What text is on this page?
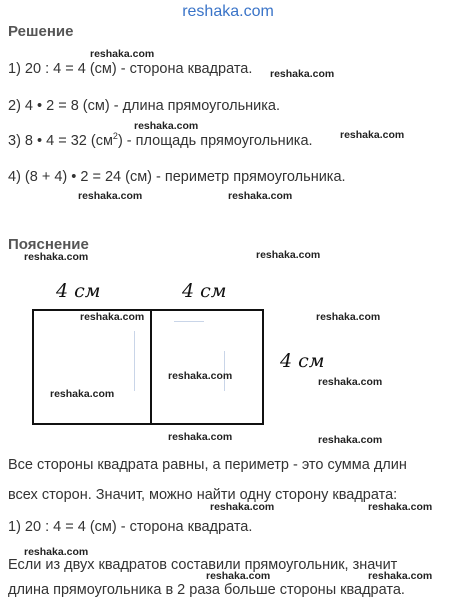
reshaka.com
Решение
1) 20 : 4 = 4 (см) - сторона квадрата.
2) 4 • 2 = 8 (см) - длина прямоугольника.
3) 8 • 4 = 32 $(см^2)$ - площадь прямоугольника.
4) (8 + 4) • 2 = 24 (см) - периметр прямоугольника.
Пояснение
4 см	4 см
4 см
Все стороны квадрата равны, а периметр - это сумма длин
всех сторон. Значит, можно найти одну сторону квадрата:
1) 20 : 4 = 4 (см) - сторона квадрата.
Если из двух квадратов составили прямоугольник, значит
длина прямоугольника в 2 раза больше стороны квадрата.
reshaka.com
reshaka.com
reshaka.com
reshaka.com
reshaka.com	reshaka.com
reshaka.com	reshaka.com
reshaka.com	reshaka.com
reshaka.com
reshaka.com
reshaka.com
reshaka.com	reshaka.com
reshaka.com	reshaka.com
reshaka.com
reshaka.com	reshaka.com
